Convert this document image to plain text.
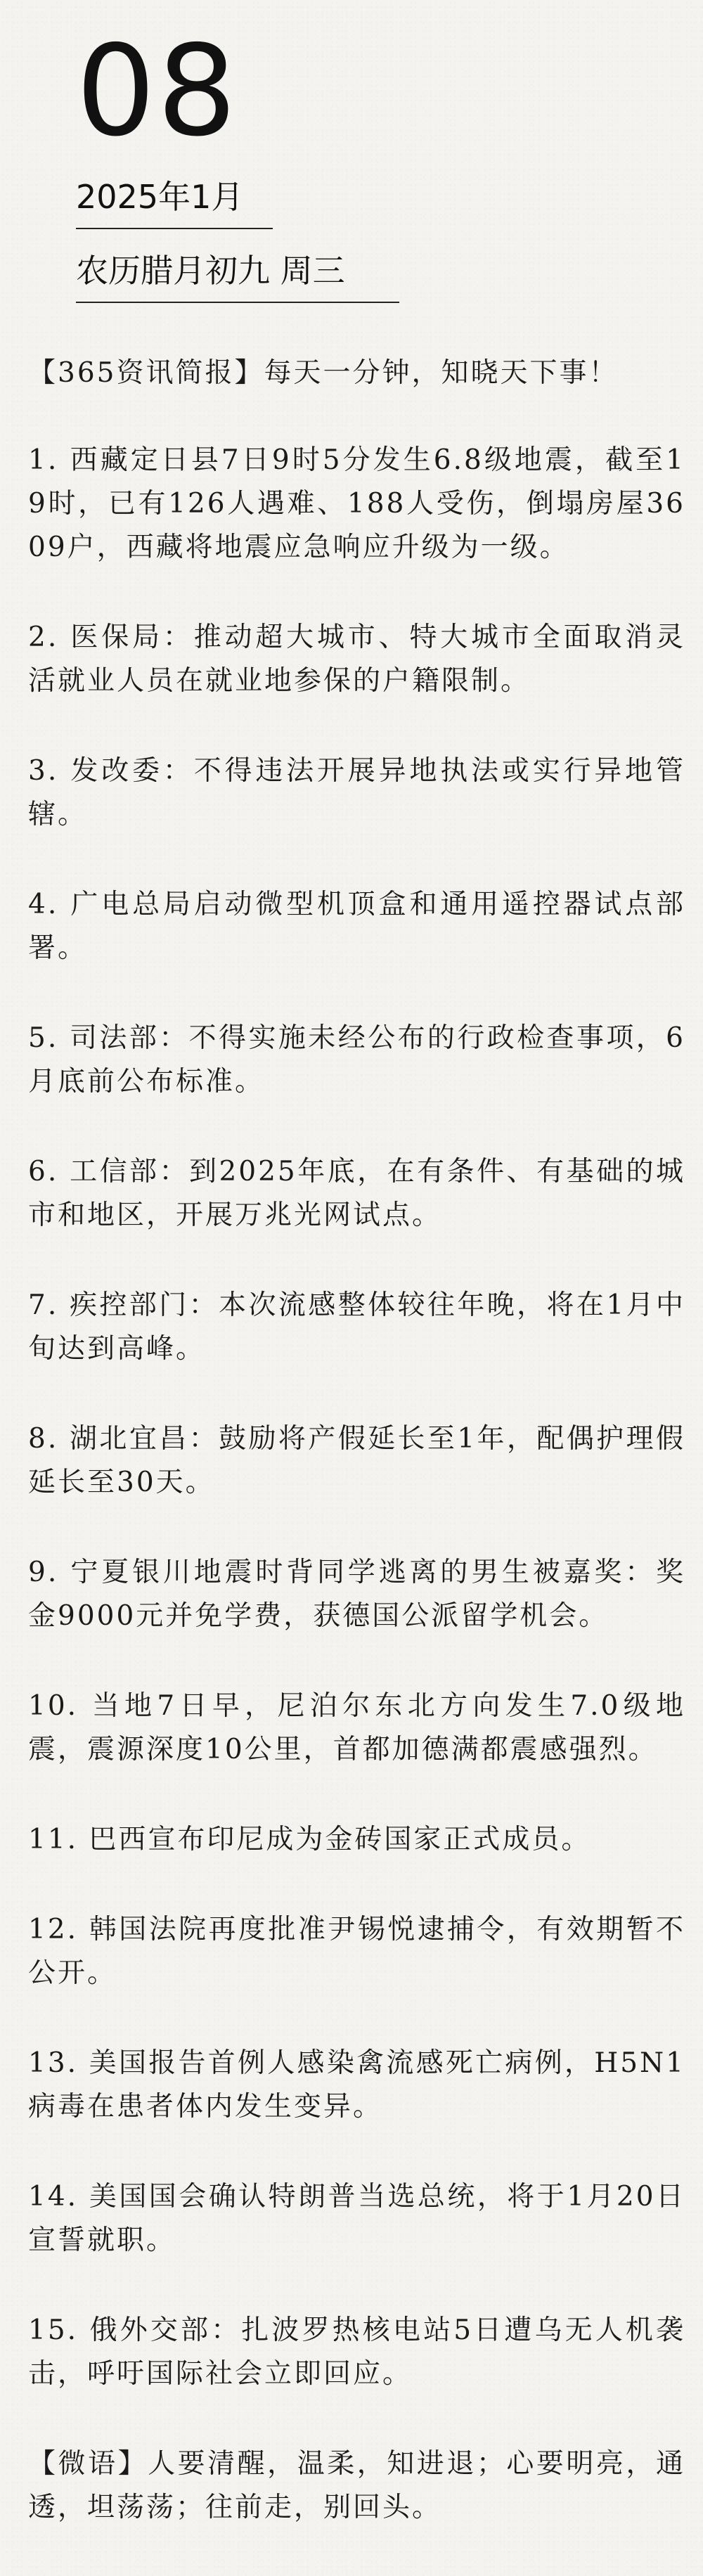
08
2025年1月
农历腊月初九 周三

【365资讯简报】每天一分钟，知晓天下事！

1. 西藏定日县7日9时5分发生6.8级地震，截至19时，已有126人遇难、188人受伤，倒塌房屋3609户，西藏将地震应急响应升级为一级。

2. 医保局：推动超大城市、特大城市全面取消灵活就业人员在就业地参保的户籍限制。

3. 发改委：不得违法开展异地执法或实行异地管辖。

4. 广电总局启动微型机顶盒和通用遥控器试点部署。

5. 司法部：不得实施未经公布的行政检查事项，6月底前公布标准。

6. 工信部：到2025年底，在有条件、有基础的城市和地区，开展万兆光网试点。

7. 疾控部门：本次流感整体较往年晚，将在1月中旬达到高峰。

8. 湖北宜昌：鼓励将产假延长至1年，配偶护理假延长至30天。

9. 宁夏银川地震时背同学逃离的男生被嘉奖：奖金9000元并免学费，获德国公派留学机会。

10. 当地7日早，尼泊尔东北方向发生7.0级地震，震源深度10公里，首都加德满都震感强烈。

11. 巴西宣布印尼成为金砖国家正式成员。

12. 韩国法院再度批准尹锡悦逮捕令，有效期暂不公开。

13. 美国报告首例人感染禽流感死亡病例，H5N1病毒在患者体内发生变异。

14. 美国国会确认特朗普当选总统，将于1月20日宣誓就职。

15. 俄外交部：扎波罗热核电站5日遭乌无人机袭击，呼吁国际社会立即回应。

【微语】人要清醒，温柔，知进退；心要明亮，通透，坦荡荡；往前走，别回头。
